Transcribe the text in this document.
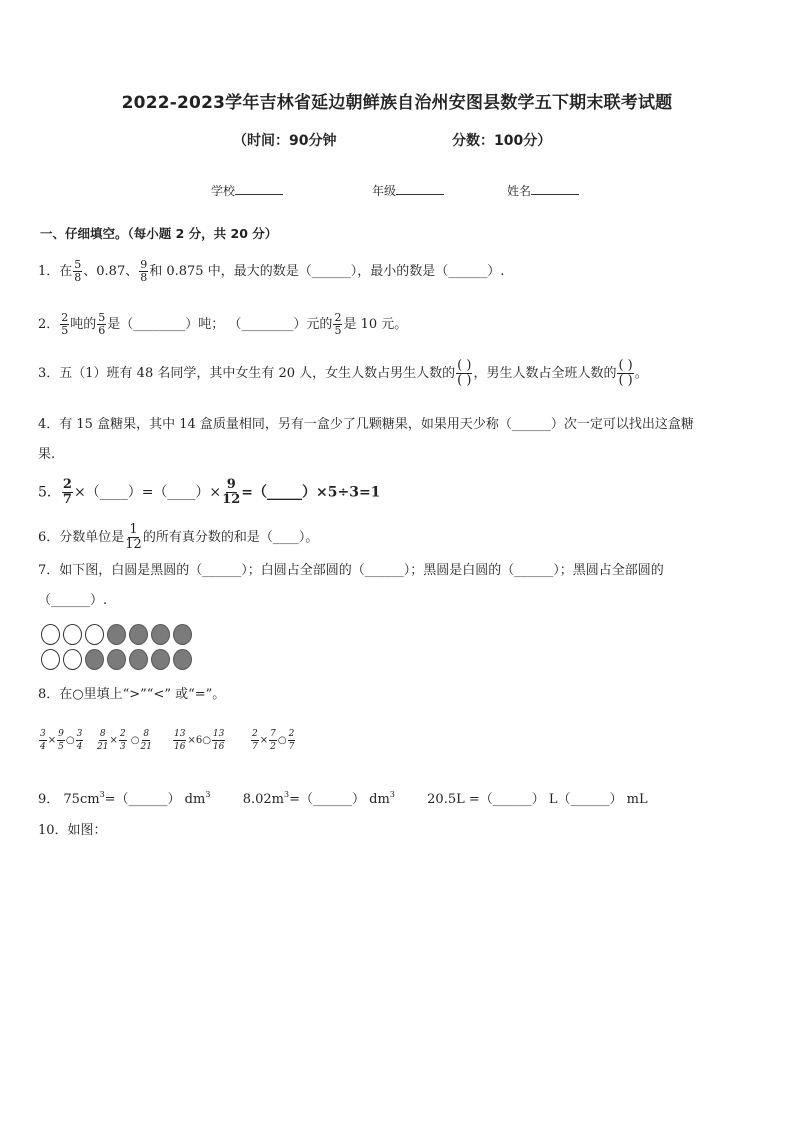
2022-2023学年吉林省延边朝鲜族自治州安图县数学五下期末联考试题
（时间：90分钟	分数：100分）
学校	年级	姓名
一、仔细填空。（每小题 2 分，共 20 分）
1．在 $\frac{5}{8}$ 、0.87、 $\frac{9}{8}$ 和 0.875 中，最大的数是（______），最小的数是（______）.
2． $\frac{2}{5}$ 吨的 $\frac{5}{6}$ 是（________）吨； （________）元的 $\frac{2}{5}$ 是 10 元。
3．五（1）班有 48 名同学，其中女生有 20 人，女生人数占男生人数的 $\frac{( )}{( )}$ ，男生人数占全班人数的 $\frac{( )}{( )}$ 。
4．有 15 盒糖果，其中 14 盒质量相同，另有一盒少了几颗糖果，如果用天少称（______）次一定可以找出这盒糖
果.
5． $\frac{2}{7}$ ×（____）=（____）× $\frac{9}{12}$ =（_____）×5÷3=1
6．分数单位是 $\frac{1}{12}$ 的所有真分数的和是（____）。
7．如下图，白圆是黑圆的（______）；白圆占全部圆的（______）；黑圆是白圆的（______）；黑圆占全部圆的
（______）.
8．在○里填上“>”“<” 或“=”。
$\frac{3}{4} \times \frac{9}{5}$ ○ $\frac{3}{4} \frac{8}{21} \times \frac{2}{3}$ ○ $\frac{8}{21} \frac{13}{16}$ ×6○ $\frac{13}{16}$	$\frac{2}{7} \times \frac{7}{2}$ ○ $\frac{2}{7}$
9． $75cm^3=(\_\_\_\_\_\_)$ $dm^3$ $8.02m^3=(\_\_\_\_\_\_)$ $dm^3$ 20.5L =（______） L（______） mL
10．如图：
